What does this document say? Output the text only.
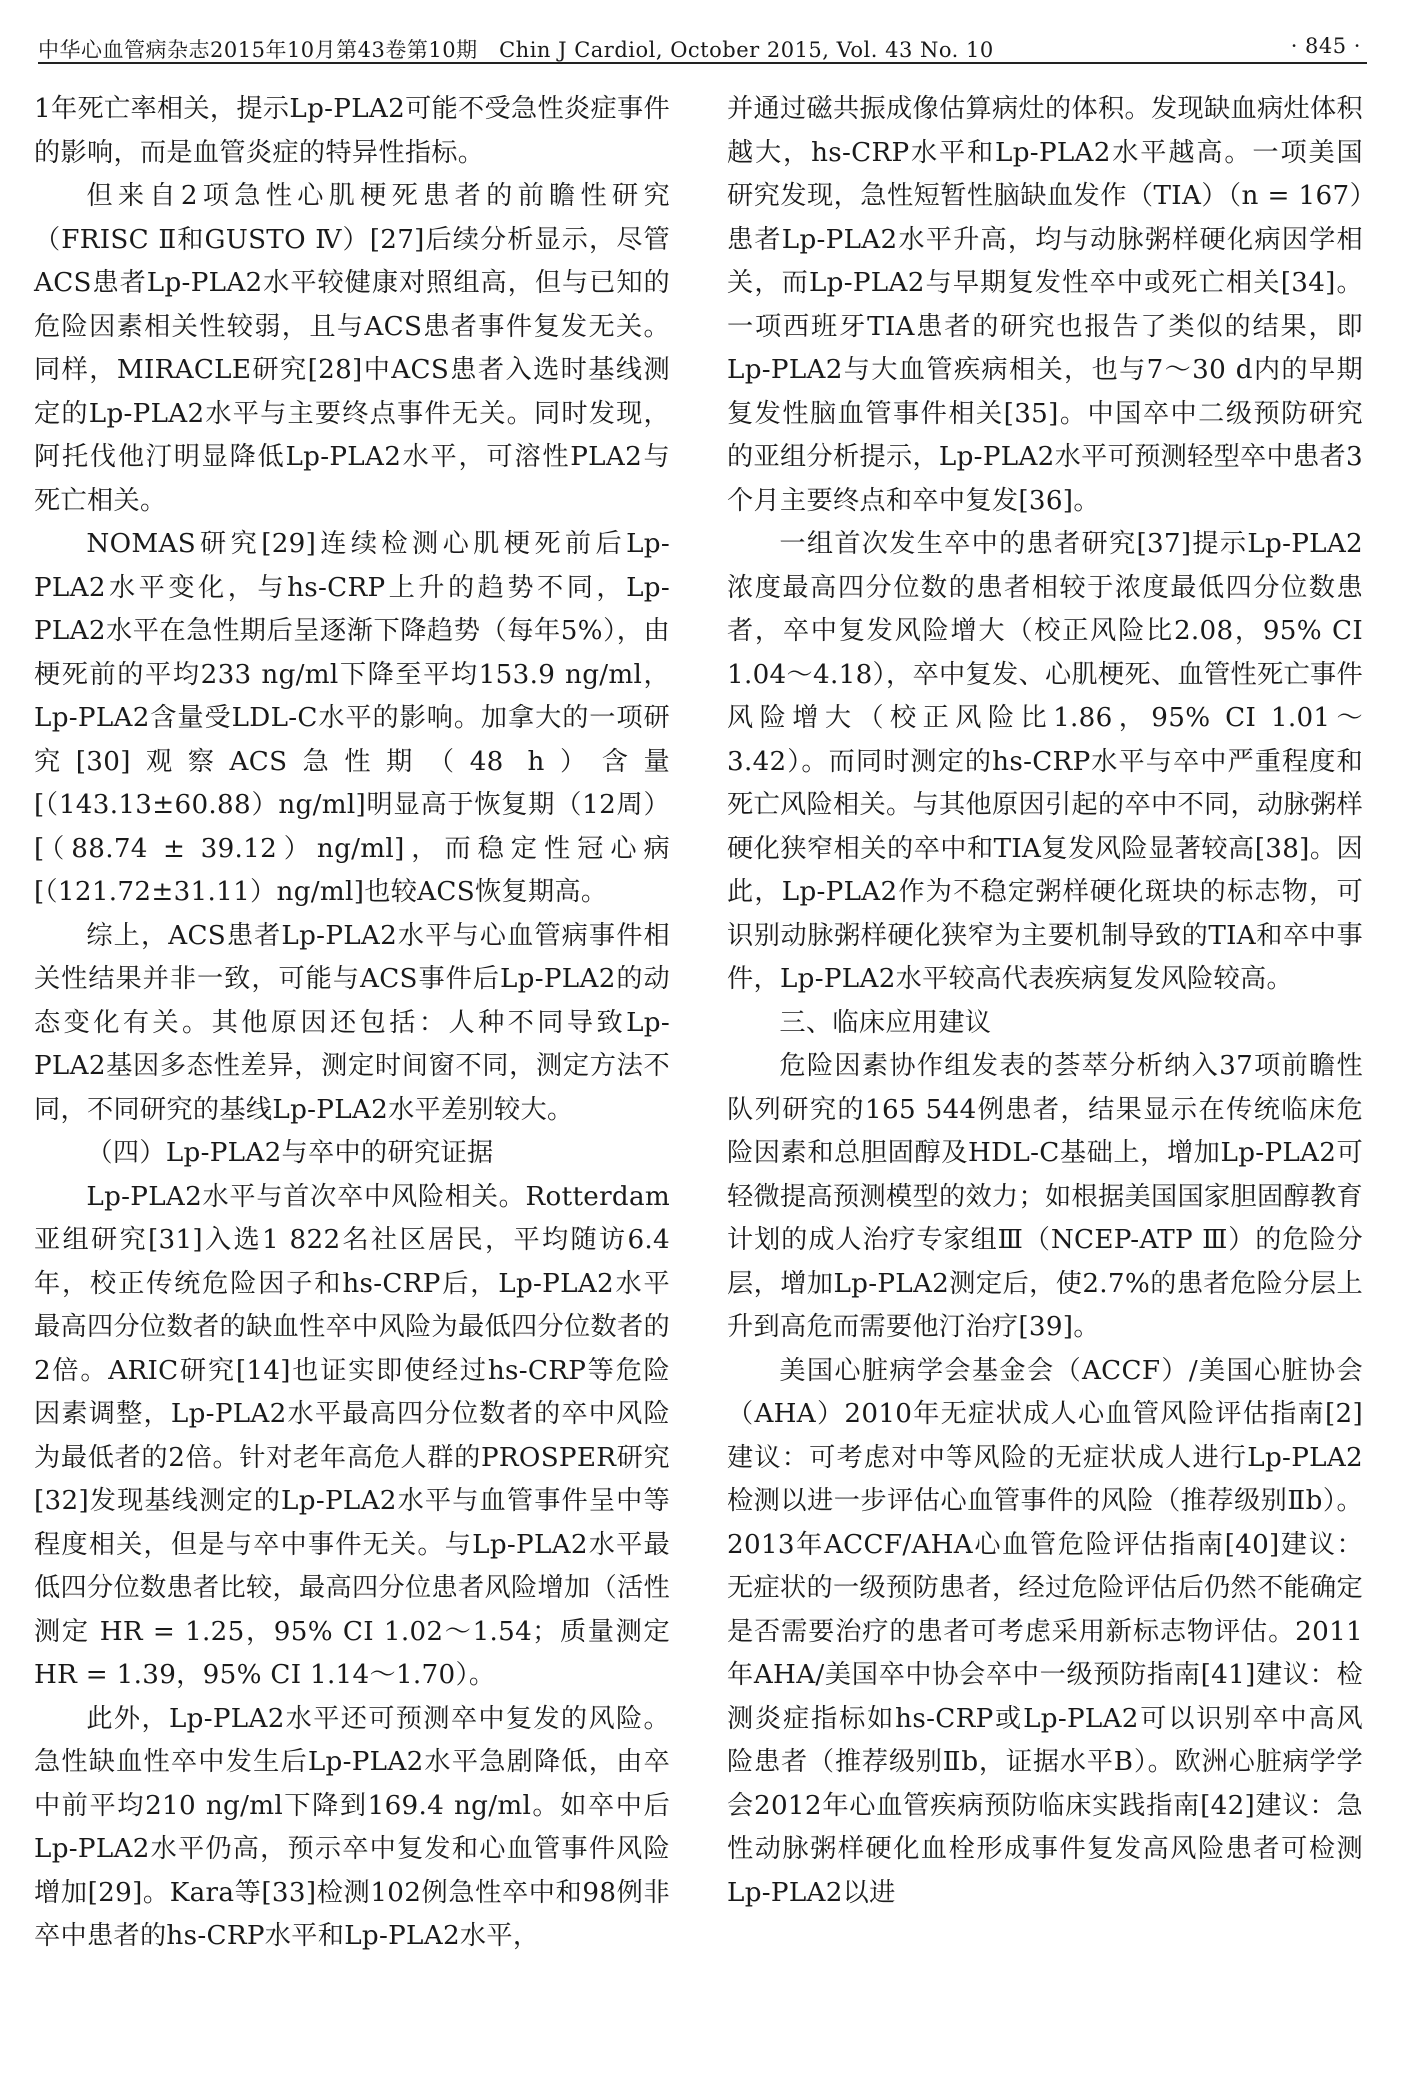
中华心血管病杂志2015年10月第43卷第10期　Chin J Cardiol, October 2015, Vol. 43 No. 10	· 845 ·

1年死亡率相关，提示Lp-PLA2可能不受急性炎症事件的影响，而是血管炎症的特异性指标。

但来自2项急性心肌梗死患者的前瞻性研究（FRISC Ⅱ和GUSTO Ⅳ）[27]后续分析显示，尽管ACS患者Lp-PLA2水平较健康对照组高，但与已知的危险因素相关性较弱，且与ACS患者事件复发无关。同样，MIRACLE研究[28]中ACS患者入选时基线测定的Lp-PLA2水平与主要终点事件无关。同时发现，阿托伐他汀明显降低Lp-PLA2水平，可溶性PLA2与死亡相关。

NOMAS研究[29]连续检测心肌梗死前后Lp-PLA2水平变化，与hs-CRP上升的趋势不同，Lp-PLA2水平在急性期后呈逐渐下降趋势（每年5%），由梗死前的平均233 ng/ml下降至平均153.9 ng/ml，Lp-PLA2含量受LDL-C水平的影响。加拿大的一项研究[30]观察ACS急性期（48 h）含量[（143.13±60.88）ng/ml]明显高于恢复期（12周）[（88.74 ± 39.12）ng/ml]，而稳定性冠心病[（121.72±31.11）ng/ml]也较ACS恢复期高。

综上，ACS患者Lp-PLA2水平与心血管病事件相关性结果并非一致，可能与ACS事件后Lp-PLA2的动态变化有关。其他原因还包括：人种不同导致Lp-PLA2基因多态性差异，测定时间窗不同，测定方法不同，不同研究的基线Lp-PLA2水平差别较大。

（四）Lp-PLA2与卒中的研究证据

Lp-PLA2水平与首次卒中风险相关。Rotterdam亚组研究[31]入选1 822名社区居民，平均随访6.4年，校正传统危险因子和hs-CRP后，Lp-PLA2水平最高四分位数者的缺血性卒中风险为最低四分位数者的2倍。ARIC研究[14]也证实即使经过hs-CRP等危险因素调整，Lp-PLA2水平最高四分位数者的卒中风险为最低者的2倍。针对老年高危人群的PROSPER研究[32]发现基线测定的Lp-PLA2水平与血管事件呈中等程度相关，但是与卒中事件无关。与Lp-PLA2水平最低四分位数患者比较，最高四分位患者风险增加（活性测定 HR = 1.25，95% CI 1.02～1.54；质量测定 HR = 1.39，95% CI 1.14～1.70）。

此外，Lp-PLA2水平还可预测卒中复发的风险。急性缺血性卒中发生后Lp-PLA2水平急剧降低，由卒中前平均210 ng/ml下降到169.4 ng/ml。如卒中后Lp-PLA2水平仍高，预示卒中复发和心血管事件风险增加[29]。Kara等[33]检测102例急性卒中和98例非卒中患者的hs-CRP水平和Lp-PLA2水平，

并通过磁共振成像估算病灶的体积。发现缺血病灶体积越大，hs-CRP水平和Lp-PLA2水平越高。一项美国研究发现，急性短暂性脑缺血发作（TIA）（n = 167）患者Lp-PLA2水平升高，均与动脉粥样硬化病因学相关，而Lp-PLA2与早期复发性卒中或死亡相关[34]。一项西班牙TIA患者的研究也报告了类似的结果，即Lp-PLA2与大血管疾病相关，也与7～30 d内的早期复发性脑血管事件相关[35]。中国卒中二级预防研究的亚组分析提示，Lp-PLA2水平可预测轻型卒中患者3个月主要终点和卒中复发[36]。

一组首次发生卒中的患者研究[37]提示Lp-PLA2浓度最高四分位数的患者相较于浓度最低四分位数患者，卒中复发风险增大（校正风险比2.08，95% CI 1.04～4.18），卒中复发、心肌梗死、血管性死亡事件风险增大（校正风险比1.86，95% CI 1.01～3.42）。而同时测定的hs-CRP水平与卒中严重程度和死亡风险相关。与其他原因引起的卒中不同，动脉粥样硬化狭窄相关的卒中和TIA复发风险显著较高[38]。因此，Lp-PLA2作为不稳定粥样硬化斑块的标志物，可识别动脉粥样硬化狭窄为主要机制导致的TIA和卒中事件，Lp-PLA2水平较高代表疾病复发风险较高。

三、临床应用建议

危险因素协作组发表的荟萃分析纳入37项前瞻性队列研究的165 544例患者，结果显示在传统临床危险因素和总胆固醇及HDL-C基础上，增加Lp-PLA2可轻微提高预测模型的效力；如根据美国国家胆固醇教育计划的成人治疗专家组Ⅲ（NCEP-ATP Ⅲ）的危险分层，增加Lp-PLA2测定后，使2.7%的患者危险分层上升到高危而需要他汀治疗[39]。

美国心脏病学会基金会（ACCF）/美国心脏协会（AHA）2010年无症状成人心血管风险评估指南[2]建议：可考虑对中等风险的无症状成人进行Lp-PLA2检测以进一步评估心血管事件的风险（推荐级别Ⅱb）。2013年ACCF/AHA心血管危险评估指南[40]建议：无症状的一级预防患者，经过危险评估后仍然不能确定是否需要治疗的患者可考虑采用新标志物评估。2011年AHA/美国卒中协会卒中一级预防指南[41]建议：检测炎症指标如hs-CRP或Lp-PLA2可以识别卒中高风险患者（推荐级别Ⅱb，证据水平B）。欧洲心脏病学学会2012年心血管疾病预防临床实践指南[42]建议：急性动脉粥样硬化血栓形成事件复发高风险患者可检测Lp-PLA2以进
